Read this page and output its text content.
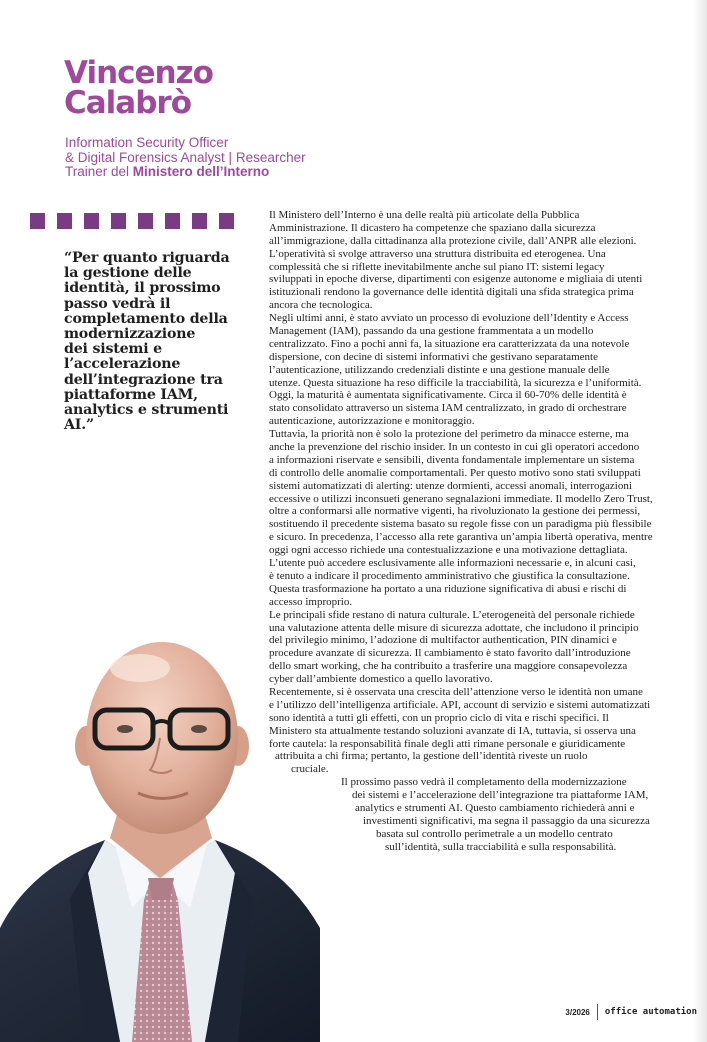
Vincenzo
Calabrò
Information Security Officer
& Digital Forensics Analyst | Researcher
Trainer del Ministero dell’Interno
“Per quanto riguarda
la gestione delle
identità, il prossimo
passo vedrà il
completamento della
modernizzazione
dei sistemi e
l’accelerazione
dell’integrazione tra
piattaforme IAM,
analytics e strumenti
AI.”
Il Ministero dell’Interno è una delle realtà più articolate della Pubblica
Amministrazione. Il dicastero ha competenze che spaziano dalla sicurezza
all’immigrazione, dalla cittadinanza alla protezione civile, dall’ANPR alle elezioni.
L’operatività si svolge attraverso una struttura distribuita ed eterogenea. Una
complessità che si riflette inevitabilmente anche sul piano IT: sistemi legacy
sviluppati in epoche diverse, dipartimenti con esigenze autonome e migliaia di utenti
istituzionali rendono la governance delle identità digitali una sfida strategica prima
ancora che tecnologica.
Negli ultimi anni, è stato avviato un processo di evoluzione dell’Identity e Access
Management (IAM), passando da una gestione frammentata a un modello
centralizzato. Fino a pochi anni fa, la situazione era caratterizzata da una notevole
dispersione, con decine di sistemi informativi che gestivano separatamente
l’autenticazione, utilizzando credenziali distinte e una gestione manuale delle
utenze. Questa situazione ha reso difficile la tracciabilità, la sicurezza e l’uniformità.
Oggi, la maturità è aumentata significativamente. Circa il 60-70% delle identità è
stato consolidato attraverso un sistema IAM centralizzato, in grado di orchestrare
autenticazione, autorizzazione e monitoraggio.
Tuttavia, la priorità non è solo la protezione del perimetro da minacce esterne, ma
anche la prevenzione del rischio insider. In un contesto in cui gli operatori accedono
a informazioni riservate e sensibili, diventa fondamentale implementare un sistema
di controllo delle anomalie comportamentali. Per questo motivo sono stati sviluppati
sistemi automatizzati di alerting: utenze dormienti, accessi anomali, interrogazioni
eccessive o utilizzi inconsueti generano segnalazioni immediate. Il modello Zero Trust,
oltre a conformarsi alle normative vigenti, ha rivoluzionato la gestione dei permessi,
sostituendo il precedente sistema basato su regole fisse con un paradigma più flessibile
e sicuro. In precedenza, l’accesso alla rete garantiva un’ampia libertà operativa, mentre
oggi ogni accesso richiede una contestualizzazione e una motivazione dettagliata.
L’utente può accedere esclusivamente alle informazioni necessarie e, in alcuni casi,
è tenuto a indicare il procedimento amministrativo che giustifica la consultazione.
Questa trasformazione ha portato a una riduzione significativa di abusi e rischi di
accesso improprio.
Le principali sfide restano di natura culturale. L’eterogeneità del personale richiede
una valutazione attenta delle misure di sicurezza adottate, che includono il principio
del privilegio minimo, l’adozione di multifactor authentication, PIN dinamici e
procedure avanzate di sicurezza. Il cambiamento è stato favorito dall’introduzione
dello smart working, che ha contribuito a trasferire una maggiore consapevolezza
cyber dall’ambiente domestico a quello lavorativo.
Recentemente, si è osservata una crescita dell’attenzione verso le identità non umane
e l’utilizzo dell’intelligenza artificiale. API, account di servizio e sistemi automatizzati
sono identità a tutti gli effetti, con un proprio ciclo di vita e rischi specifici. Il
Ministero sta attualmente testando soluzioni avanzate di IA, tuttavia, si osserva una
forte cautela: la responsabilità finale degli atti rimane personale e giuridicamente
attribuita a chi firma; pertanto, la gestione dell’identità riveste un ruolo
cruciale.
Il prossimo passo vedrà il completamento della modernizzazione
dei sistemi e l’accelerazione dell’integrazione tra piattaforme IAM,
analytics e strumenti AI. Questo cambiamento richiederà anni e
investimenti significativi, ma segna il passaggio da una sicurezza
basata sul controllo perimetrale a un modello centrato
sull’identità, sulla tracciabilità e sulla responsabilità.
3/2026 office automation
